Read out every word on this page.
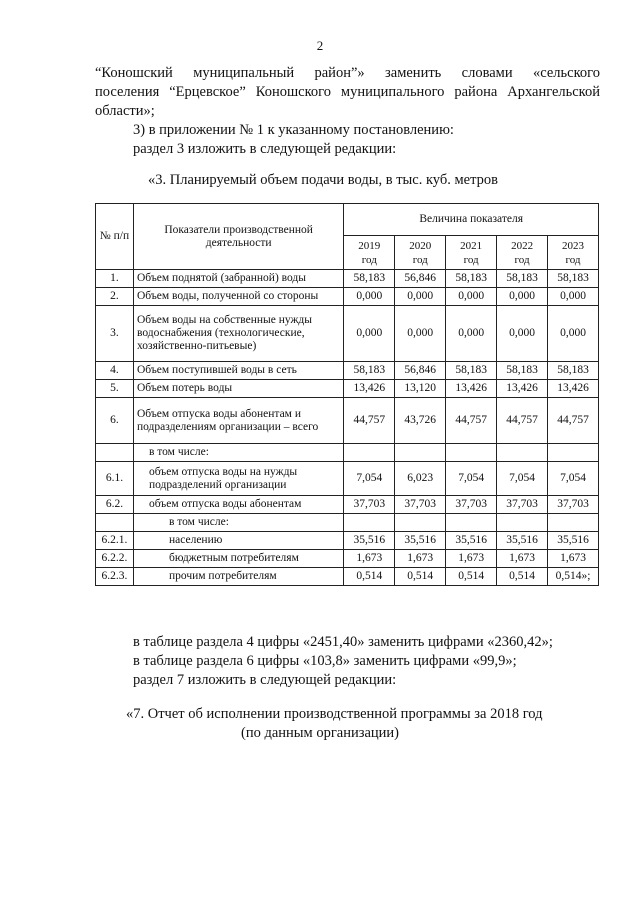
2
“Коношский муниципальный район”» заменить словами «сельского
поселения “Ерцевское” Коношского муниципального района Архангельской
области»;
3) в приложении № 1 к указанному постановлению:
раздел 3 изложить в следующей редакции:
«3. Планируемый объем подачи воды, в тыс. куб. метров
№ п/п	Показатели производственной деятельности	Величина показателя				

		2019
год	2020
год	2021
год	2022
год	2023
год

1.	Объем поднятой (забранной) воды	58,183	56,846	58,183	58,183	58,183
2.	Объем воды, полученной со стороны	0,000	0,000	0,000	0,000	0,000
3.	Объем воды на собственные нужды водоснабжения (технологические, хозяйственно-питьевые)	0,000	0,000	0,000	0,000	0,000
4.	Объем поступившей воды в сеть	58,183	56,846	58,183	58,183	58,183
5.	Объем потерь воды	13,426	13,120	13,426	13,426	13,426
6.	Объем отпуска воды абонентам и подразделениям организации – всего	44,757	43,726	44,757	44,757	44,757
	в том числе:					
6.1.	объем отпуска воды на нужды подразделений организации	7,054	6,023	7,054	7,054	7,054
6.2.	объем отпуска воды абонентам	37,703	37,703	37,703	37,703	37,703
	в том числе:					
6.2.1.	населению	35,516	35,516	35,516	35,516	35,516
6.2.2.	бюджетным потребителям	1,673	1,673	1,673	1,673	1,673
6.2.3.	прочим потребителям	0,514	0,514	0,514	0,514	0,514»;
в таблице раздела 4 цифры «2451,40» заменить цифрами «2360,42»;
в таблице раздела 6 цифры «103,8» заменить цифрами «99,9»;
раздел 7 изложить в следующей редакции:
«7. Отчет об исполнении производственной программы за 2018 год
(по данным организации)
